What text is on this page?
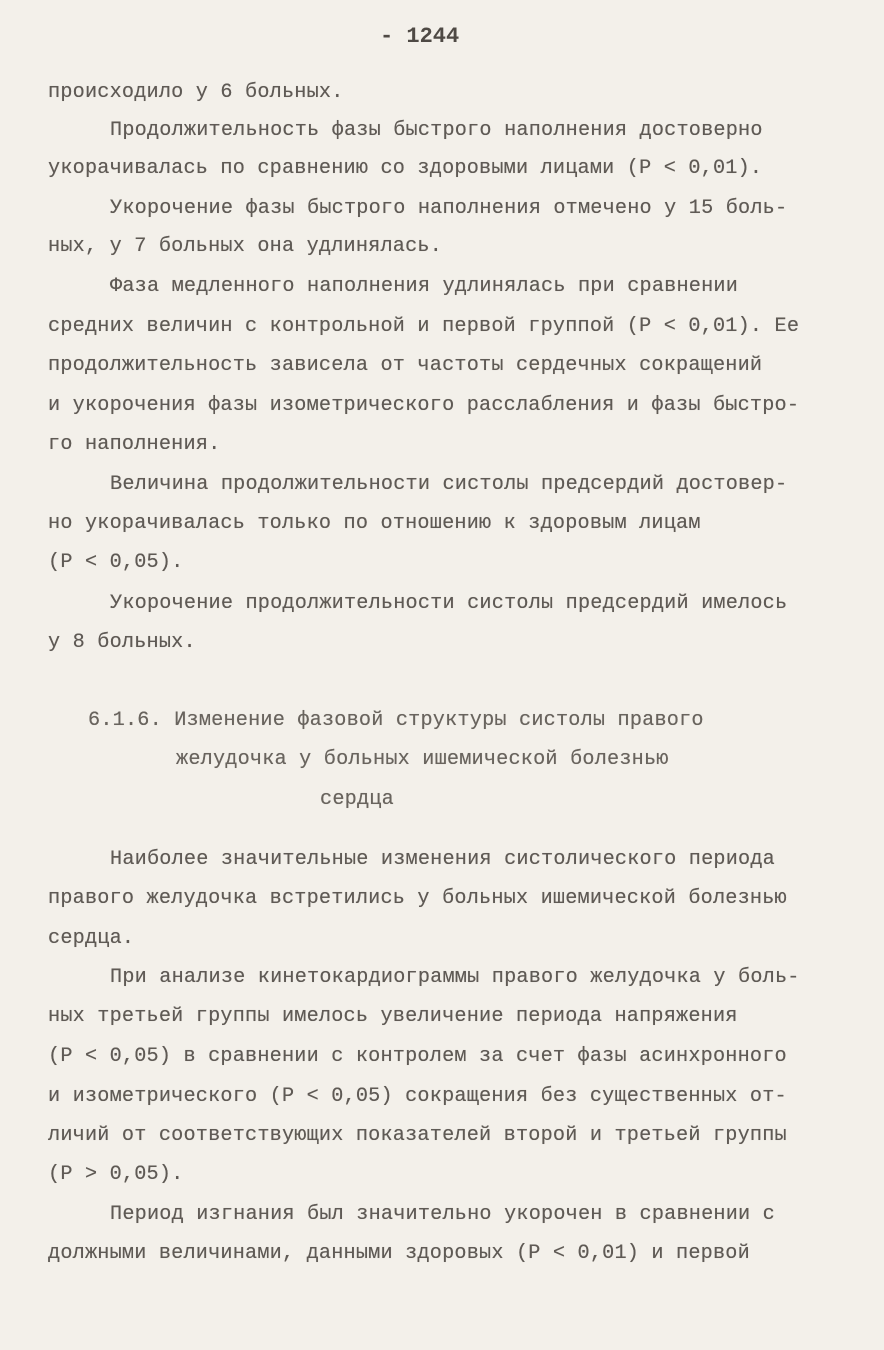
- 1244
происходило у 6 больных.
Продолжительность фазы быстрого наполнения достоверно
укорачивалась по сравнению со здоровыми лицами (Р < 0,01).
Укорочение фазы быстрого наполнения отмечено у 15 боль-
ных, у 7 больных она удлинялась.
Фаза медленного наполнения удлинялась при сравнении
средних величин с контрольной и первой группой (Р < 0,01). Ее
продолжительность зависела от частоты сердечных сокращений
и укорочения фазы изометрического расслабления и фазы быстро-
го наполнения.
Величина продолжительности систолы предсердий достовер-
но укорачивалась только по отношению к здоровым лицам
(Р < 0,05).
Укорочение продолжительности систолы предсердий имелось
у 8 больных.
6.1.6. Изменение фазовой структуры систолы правого
желудочка у больных ишемической болезнью
сердца
Наиболее значительные изменения систолического периода
правого желудочка встретились у больных ишемической болезнью
сердца.
При анализе кинетокардиограммы правого желудочка у боль-
ных третьей группы имелось увеличение периода напряжения
(Р < 0,05) в сравнении с контролем за счет фазы асинхронного
и изометрического (Р < 0,05) сокращения без существенных от-
личий от соответствующих показателей второй и третьей группы
(Р > 0,05).
Период изгнания был значительно укорочен в сравнении с
должными величинами, данными здоровых (Р < 0,01) и первой
